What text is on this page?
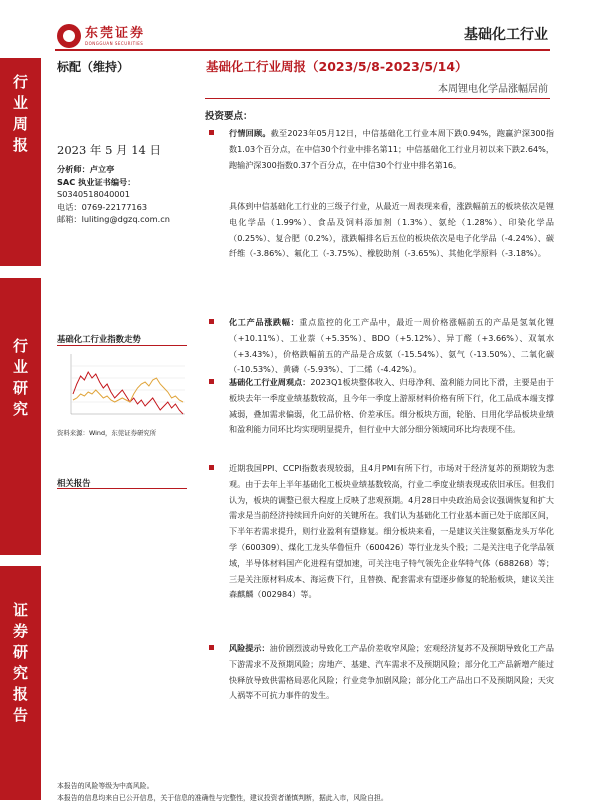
东莞证券
DONGGUAN SECURITIES	基础化工行业
行
业
周
报
行
业
研
究
证
券
研
究
报
告
标配（维持）	基础化工行业周报（2023/5/8-2023/5/14）
本周锂电化学品涨幅居前
投资要点：
2023 年 5 月 14 日
分析师：卢立亭
SAC 执业证书编号：
S0340518040001
电话：0769-22177163
邮箱：luliting@dgzq.com.cn
基础化工行业指数走势
资料来源：Wind，东莞证券研究所
相关报告
行情回顾。截至2023年05月12日，中信基础化工行业本周下跌0.94%，跑赢沪深300指数1.03个百分点，在中信30个行业中排名第11；中信基础化工行业月初以来下跌2.64%，跑输沪深300指数0.37个百分点，在中信30个行业中排名第16。
具体到中信基础化工行业的三级子行业，从最近一周表现来看，涨跌幅前五的板块依次是锂电化学品（1.99%）、食品及饲料添加剂（1.3%）、氨纶（1.28%）、印染化学品（0.25%）、复合肥（0.2%），涨跌幅排名后五位的板块依次是电子化学品（-4.24%）、碳纤维（-3.86%）、氟化工（-3.75%）、橡胶助剂（-3.65%）、其他化学原料（-3.18%）。
化工产品涨跌幅：重点监控的化工产品中，最近一周价格涨幅前五的产品是氢氧化锂（+10.11%）、工业萘（+5.35%）、BDO（+5.12%）、异丁醛（+3.66%）、双氧水（+3.43%），价格跌幅前五的产品是合成氨（-15.54%）、氨气（-13.50%）、二氧化碳（-10.53%）、黄磷（-5.93%）、丁二烯（-4.42%）。
基础化工行业周观点：2023Q1板块整体收入、归母净利、盈利能力同比下滑，主要是由于板块去年一季度业绩基数较高，且今年一季度上游原材料价格有所下行，化工品成本端支撑减弱，叠加需求偏弱，化工品价格、价差承压。细分板块方面，轮胎、日用化学品板块业绩和盈利能力同环比均实现明显提升，但行业中大部分细分领域同环比均表现不佳。
近期我国PPI、CCPI指数表现较弱，且4月PMI有所下行，市场对于经济复苏的预期较为悲观。由于去年上半年基础化工板块业绩基数较高，行业二季度业绩表现或依旧承压。但我们认为，板块的调整已很大程度上反映了悲观预期。4月28日中央政治局会议强调恢复和扩大需求是当前经济持续回升向好的关键所在。我们认为基础化工行业基本面已处于底部区间，下半年若需求提升，则行业盈利有望修复。细分板块来看，一是建议关注聚氨酯龙头万华化学（600309）、煤化工龙头华鲁恒升（600426）等行业龙头个股；二是关注电子化学品领域，半导体材料国产化进程有望加速，可关注电子特气领先企业华特气体（688268）等；三是关注原材料成本、海运费下行，且替换、配套需求有望逐步修复的轮胎板块，建议关注森麒麟（002984）等。
风险提示：油价剧烈波动导致化工产品价差收窄风险；宏观经济复苏不及预期导致化工产品下游需求不及预期风险；房地产、基建、汽车需求不及预期风险；部分化工产品新增产能过快释放导致供需格局恶化风险；行业竞争加剧风险；部分化工产品出口不及预期风险；天灾人祸等不可抗力事件的发生。
本报告的风险等级为中高风险。
本报告的信息均来自已公开信息，关于信息的准确性与完整性，建议投资者谨慎判断，据此入市，风险自担。
